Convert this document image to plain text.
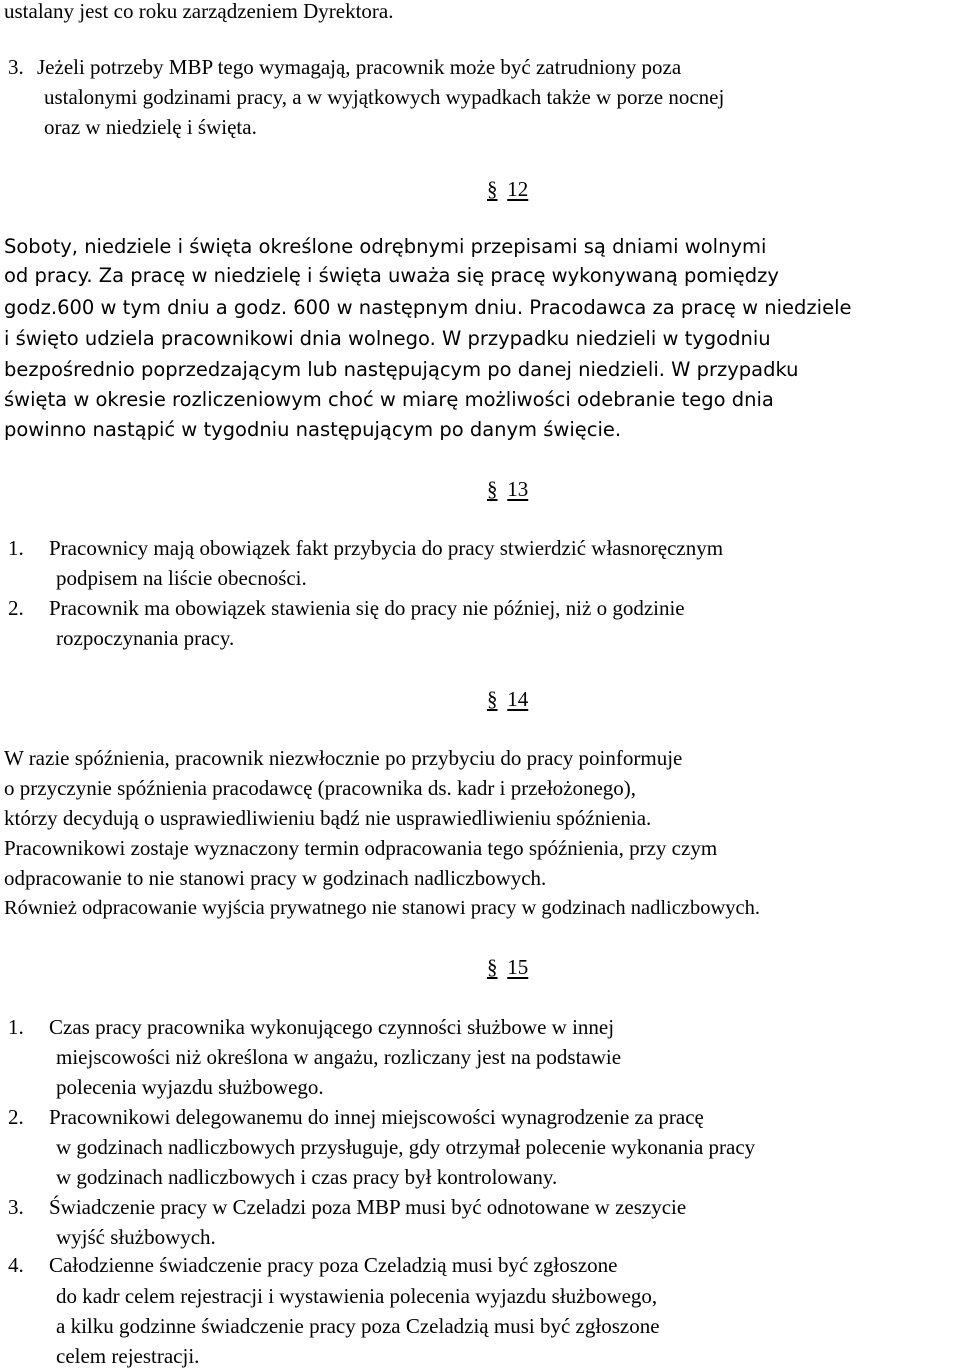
ustalany jest co roku zarządzeniem Dyrektora.
3. Jeżeli potrzeby MBP tego wymagają, pracownik może być zatrudniony poza
ustalonymi godzinami pracy, a w wyjątkowych wypadkach także w porze nocnej
oraz w niedzielę i święta.
§ 12
Soboty, niedziele i święta określone odrębnymi przepisami są dniami wolnymi
od pracy. Za pracę w niedzielę i święta uważa się pracę wykonywaną pomiędzy
godz.600 w tym dniu a godz. 600 w następnym dniu. Pracodawca za pracę w niedziele
i święto udziela pracownikowi dnia wolnego. W przypadku niedzieli w tygodniu
bezpośrednio poprzedzającym lub następującym po danej niedzieli. W przypadku
święta w okresie rozliczeniowym choć w miarę możliwości odebranie tego dnia
powinno nastąpić w tygodniu następującym po danym święcie.
§ 13
1. Pracownicy mają obowiązek fakt przybycia do pracy stwierdzić własnoręcznym
podpisem na liście obecności.
2. Pracownik ma obowiązek stawienia się do pracy nie później, niż o godzinie
rozpoczynania pracy.
§ 14
W razie spóźnienia, pracownik niezwłocznie po przybyciu do pracy poinformuje
o przyczynie spóźnienia pracodawcę (pracownika ds. kadr i przełożonego),
którzy decydują o usprawiedliwieniu bądź nie usprawiedliwieniu spóźnienia.
Pracownikowi zostaje wyznaczony termin odpracowania tego spóźnienia, przy czym
odpracowanie to nie stanowi pracy w godzinach nadliczbowych.
Również odpracowanie wyjścia prywatnego nie stanowi pracy w godzinach nadliczbowych.
§ 15
1. Czas pracy pracownika wykonującego czynności służbowe w innej
miejscowości niż określona w angażu, rozliczany jest na podstawie
polecenia wyjazdu służbowego.
2. Pracownikowi delegowanemu do innej miejscowości wynagrodzenie za pracę
w godzinach nadliczbowych przysługuje, gdy otrzymał polecenie wykonania pracy
w godzinach nadliczbowych i czas pracy był kontrolowany.
3. Świadczenie pracy w Czeladzi poza MBP musi być odnotowane w zeszycie
wyjść służbowych.
4. Całodzienne świadczenie pracy poza Czeladzią musi być zgłoszone
do kadr celem rejestracji i wystawienia polecenia wyjazdu służbowego,
a kilku godzinne świadczenie pracy poza Czeladzią musi być zgłoszone
celem rejestracji.
